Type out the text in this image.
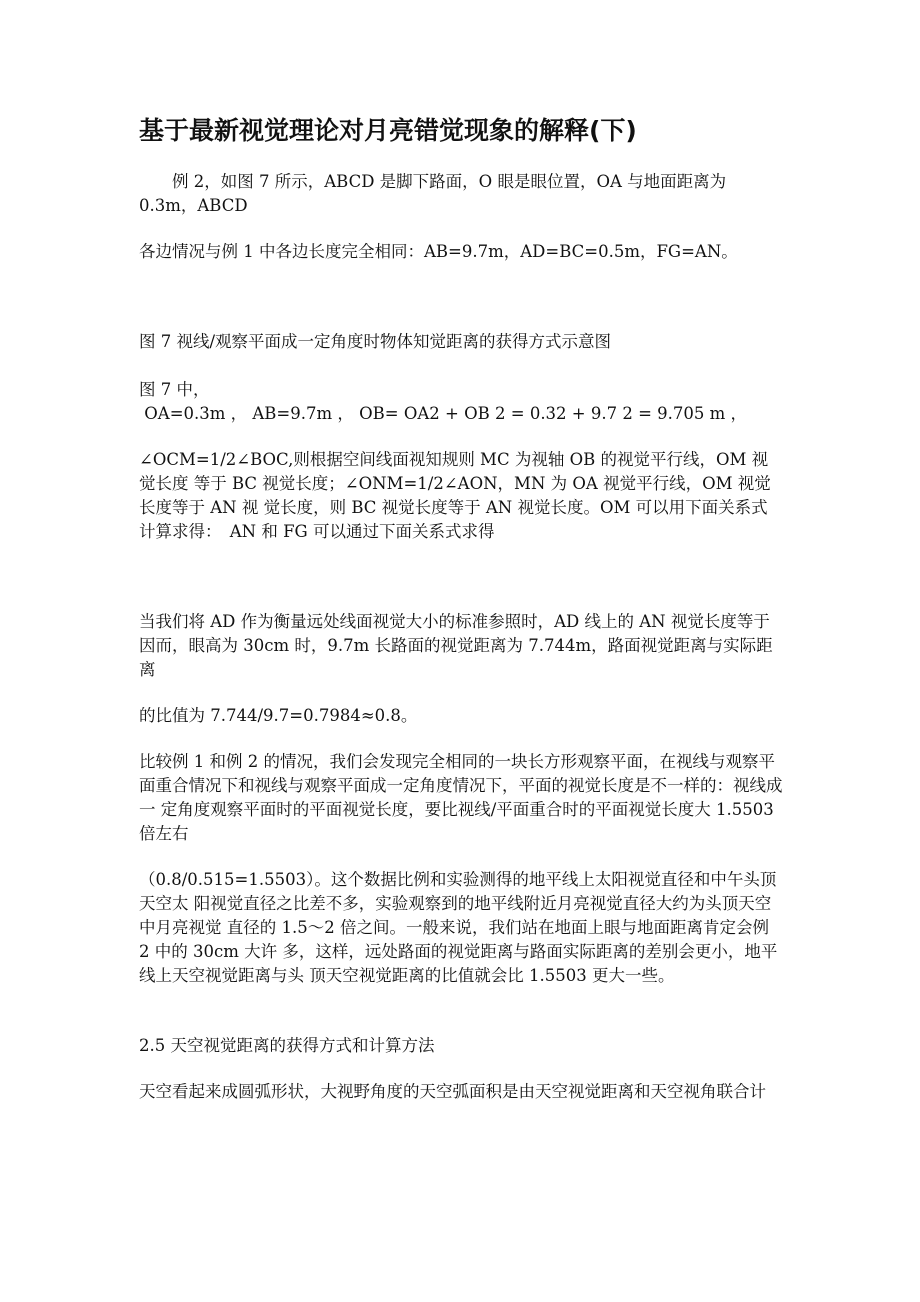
基于最新视觉理论对月亮错觉现象的解释(下)

例 2，如图 7 所示，ABCD 是脚下路面，O 眼是眼位置，OA 与地面距离为 0.3m，ABCD

各边情况与例 1 中各边长度完全相同：AB=9.7m，AD=BC=0.5m，FG=AN。

图 7 视线/观察平面成一定角度时物体知觉距离的获得方式示意图

图 7 中，

OA=0.3m ， AB=9.7m ， OB= OA2 + OB 2 = 0.32 + 9.7 2 = 9.705 m ，

∠OCM=1/2∠BOC,则根据空间线面视知规则 MC 为视轴 OB 的视觉平行线，OM 视觉长度 等于 BC 视觉长度；∠ONM=1/2∠AON，MN 为 OA 视觉平行线，OM 视觉长度等于 AN 视 觉长度，则 BC 视觉长度等于 AN 视觉长度。OM 可以用下面关系式计算求得：　AN 和 FG 可以通过下面关系式求得

当我们将 AD 作为衡量远处线面视觉大小的标准参照时，AD 线上的 AN 视觉长度等于 因而，眼高为 30cm 时，9.7m 长路面的视觉距离为 7.744m，路面视觉距离与实际距离

的比值为 7.744/9.7=0.7984≈0.8。

比较例 1 和例 2 的情况，我们会发现完全相同的一块长方形观察平面，在视线与观察平 面重合情况下和视线与观察平面成一定角度情况下，平面的视觉长度是不一样的：视线成一 定角度观察平面时的平面视觉长度，要比视线/平面重合时的平面视觉长度大 1.5503 倍左右

（0.8/0.515=1.5503）。这个数据比例和实验测得的地平线上太阳视觉直径和中午头顶天空太 阳视觉直径之比差不多，实验观察到的地平线附近月亮视觉直径大约为头顶天空中月亮视觉 直径的 1.5～2 倍之间。一般来说，我们站在地面上眼与地面距离肯定会例 2 中的 30cm 大许 多，这样，远处路面的视觉距离与路面实际距离的差别会更小，地平线上天空视觉距离与头 顶天空视觉距离的比值就会比 1.5503 更大一些。

2.5 天空视觉距离的获得方式和计算方法

天空看起来成圆弧形状，大视野角度的天空弧面积是由天空视觉距离和天空视角联合计
